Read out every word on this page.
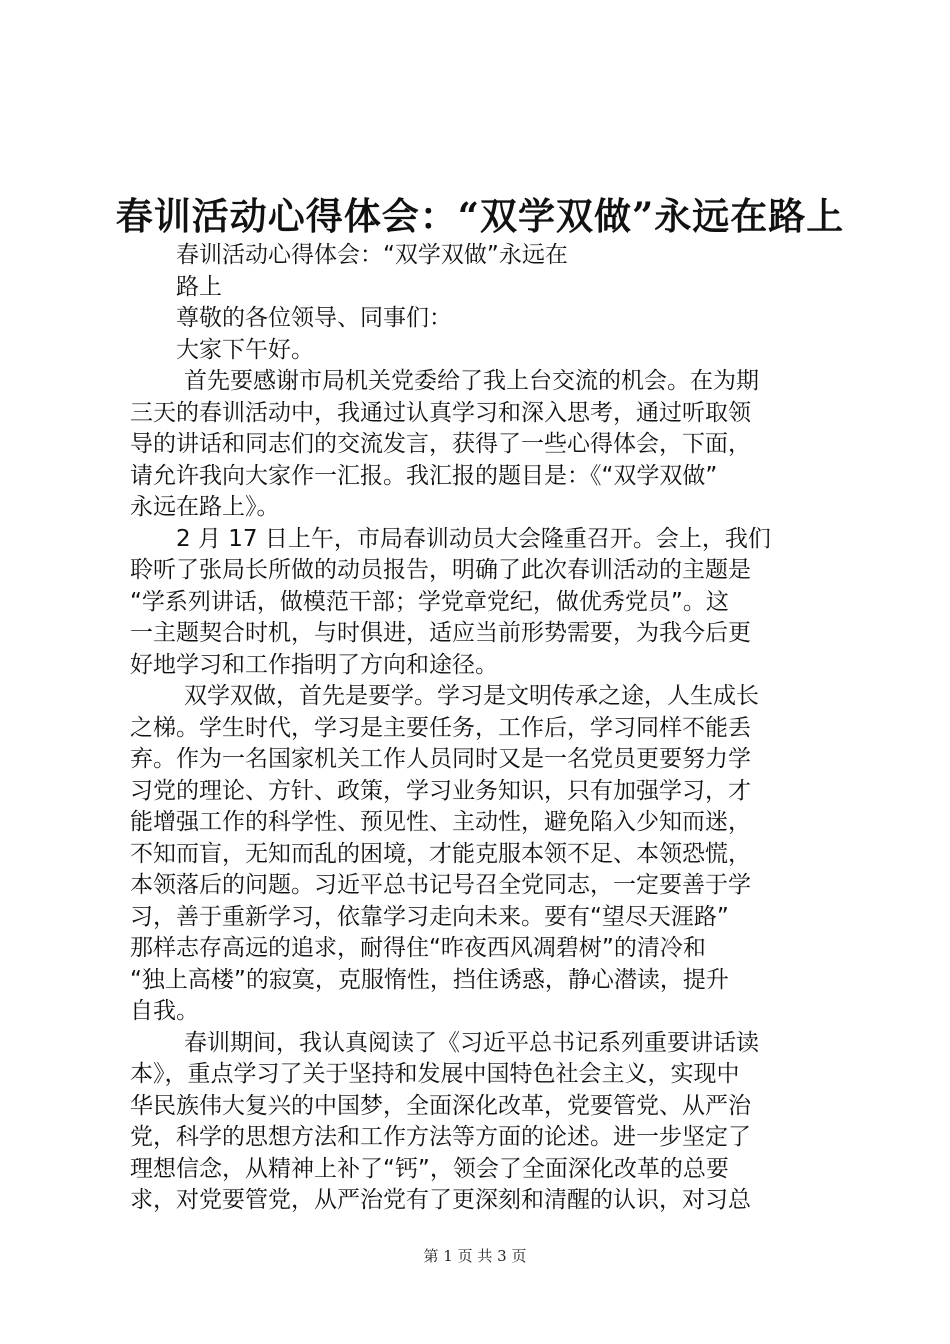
春训活动心得体会：“双学双做”永远在路上
春训活动心得体会：“双学双做”永远在
路上
尊敬的各位领导、同事们：
大家下午好。
首先要感谢市局机关党委给了我上台交流的机会。在为期
三天的春训活动中，我通过认真学习和深入思考，通过听取领
导的讲话和同志们的交流发言，获得了一些心得体会，下面，
请允许我向大家作一汇报。我汇报的题目是：《“双学双做”
永远在路上》。
2 月 17 日上午，市局春训动员大会隆重召开。会上，我们
聆听了张局长所做的动员报告，明确了此次春训活动的主题是
“学系列讲话，做模范干部；学党章党纪，做优秀党员”。这
一主题契合时机，与时俱进，适应当前形势需要，为我今后更
好地学习和工作指明了方向和途径。
双学双做，首先是要学。学习是文明传承之途，人生成长
之梯。学生时代，学习是主要任务，工作后，学习同样不能丢
弃。作为一名国家机关工作人员同时又是一名党员更要努力学
习党的理论、方针、政策，学习业务知识，只有加强学习，才
能增强工作的科学性、预见性、主动性，避免陷入少知而迷，
不知而盲，无知而乱的困境，才能克服本领不足、本领恐慌，
本领落后的问题。习近平总书记号召全党同志，一定要善于学
习，善于重新学习，依靠学习走向未来。要有“望尽天涯路”
那样志存高远的追求，耐得住“昨夜西风凋碧树”的清冷和
“独上高楼”的寂寞，克服惰性，挡住诱惑，静心潜读，提升
自我。
春训期间，我认真阅读了《习近平总书记系列重要讲话读
本》，重点学习了关于坚持和发展中国特色社会主义，实现中
华民族伟大复兴的中国梦，全面深化改革，党要管党、从严治
党，科学的思想方法和工作方法等方面的论述。进一步坚定了
理想信念，从精神上补了“钙”，领会了全面深化改革的总要
求，对党要管党，从严治党有了更深刻和清醒的认识，对习总
第 1 页 共 3 页
